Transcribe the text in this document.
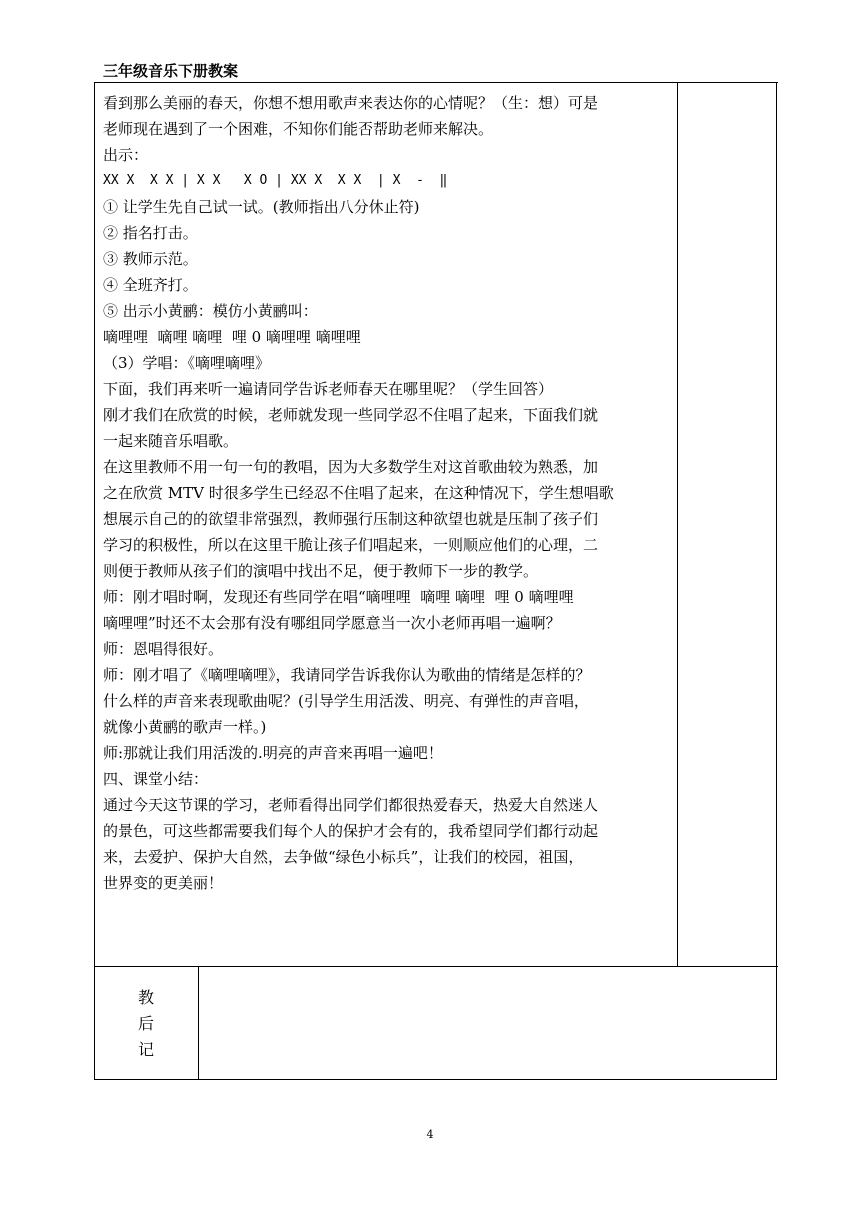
三年级音乐下册教案

看到那么美丽的春天，你想不想用歌声来表达你的心情呢？（生：想）可是

老师现在遇到了一个困难，不知你们能否帮助老师来解决。

出示：

XX X  X X | X X   X O | XX X  X X  | X  -  ‖

① 让学生先自己试一试。(教师指出八分休止符)

② 指名打击。

③ 教师示范。

④ 全班齐打。

⑤ 出示小黄鹂：模仿小黄鹂叫：

嘀哩哩  嘀哩 嘀哩  哩 0 嘀哩哩 嘀哩哩

（3）学唱：《嘀哩嘀哩》

下面，我们再来听一遍请同学告诉老师春天在哪里呢？（学生回答）

刚才我们在欣赏的时候，老师就发现一些同学忍不住唱了起来，下面我们就

一起来随音乐唱歌。

在这里教师不用一句一句的教唱，因为大多数学生对这首歌曲较为熟悉，加

之在欣赏 MTV 时很多学生已经忍不住唱了起来，在这种情况下，学生想唱歌

想展示自己的的欲望非常强烈，教师强行压制这种欲望也就是压制了孩子们

学习的积极性，所以在这里干脆让孩子们唱起来，一则顺应他们的心理，二

则便于教师从孩子们的演唱中找出不足，便于教师下一步的教学。

师：刚才唱时啊，发现还有些同学在唱“嘀哩哩  嘀哩 嘀哩  哩 0 嘀哩哩

嘀哩哩”时还不太会那有没有哪组同学愿意当一次小老师再唱一遍啊？

师：恩唱得很好。

师：刚才唱了《嘀哩嘀哩》，我请同学告诉我你认为歌曲的情绪是怎样的？

什么样的声音来表现歌曲呢？(引导学生用活泼、明亮、有弹性的声音唱，

就像小黄鹂的歌声一样。)

师:那就让我们用活泼的.明亮的声音来再唱一遍吧！

四、课堂小结：

通过今天这节课的学习，老师看得出同学们都很热爱春天，热爱大自然迷人

的景色，可这些都需要我们每个人的保护才会有的，我希望同学们都行动起

来，去爱护、保护大自然，去争做“绿色小标兵”，让我们的校园，祖国，

世界变的更美丽！

教
后
记
4
